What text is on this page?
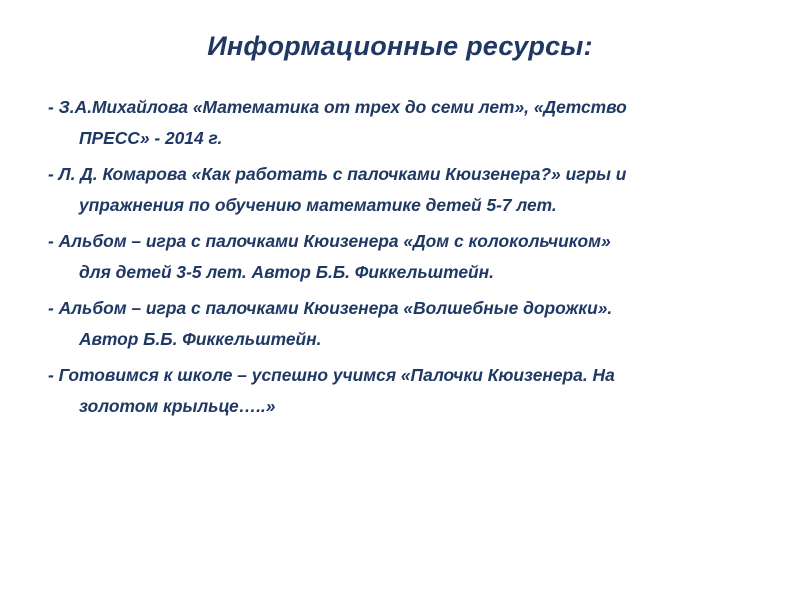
Информационные ресурсы:
- З.А.Михайлова «Математика от трех до семи лет», «Детство
ПРЕСС» - 2014 г.
- Л. Д. Комарова «Как работать с палочками Кюизенера?» игры и
упражнения по обучению математике детей 5-7 лет.
- Альбом – игра с палочками Кюизенера «Дом с колокольчиком»
для детей 3-5 лет. Автор Б.Б. Фиккельштейн.
- Альбом – игра с палочками Кюизенера «Волшебные дорожки».
Автор Б.Б. Фиккельштейн.
- Готовимся к школе – успешно учимся «Палочки Кюизенера. На
золотом крыльце…..»
